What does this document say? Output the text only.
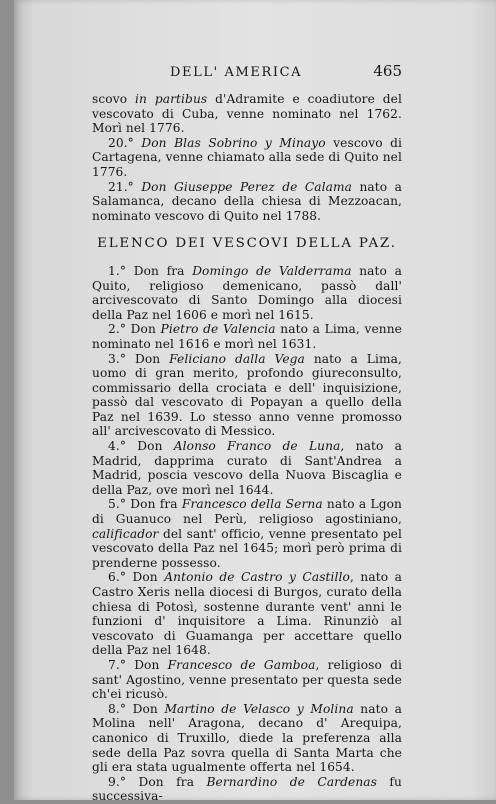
DELL' AMERICA	465

scovo in partibus d'Adramite e coadiutore del vescovato di Cuba, venne nominato nel 1762. Morì nel 1776.

20.° Don Blas Sobrino y Minayo vescovo di Cartagena, venne chiamato alla sede di Quito nel 1776.

21.° Don Giuseppe Perez de Calama nato a Salamanca, decano della chiesa di Mezzoacan, nominato vescovo di Quito nel 1788.

ELENCO DEI VESCOVI DELLA PAZ.

1.° Don fra Domingo de Valderrama nato a Quito, religioso demenicano, passò dall' arcivescovato di Santo Domingo alla diocesi della Paz nel 1606 e morì nel 1615.

2.° Don Pietro de Valencia nato a Lima, venne nominato nel 1616 e morì nel 1631.

3.° Don Feliciano dalla Vega nato a Lima, uomo di gran merito, profondo giureconsulto, commissario della crociata e dell' inquisizione, passò dal vescovato di Popayan a quello della Paz nel 1639. Lo stesso anno venne promosso all' arcivescovato di Messico.

4.° Don Alonso Franco de Luna, nato a Madrid, dapprima curato di Sant'Andrea a Madrid, poscia vescovo della Nuova Biscaglia e della Paz, ove morì nel 1644.

5.° Don fra Francesco della Serna nato a Lgon di Guanuco nel Perù, religioso agostiniano, calificador del sant' officio, venne presentato pel vescovato della Paz nel 1645; morì però prima di prenderne possesso.

6.° Don Antonio de Castro y Castillo, nato a Castro Xeris nella diocesi di Burgos, curato della chiesa di Potosì, sostenne durante vent' anni le funzioni d' inquisitore a Lima. Rinunziò al vescovato di Guamanga per accettare quello della Paz nel 1648.

7.° Don Francesco de Gamboa, religioso di sant' Agostino, venne presentato per questa sede ch'ei ricusò.

8.° Don Martino de Velasco y Molina nato a Molina nell' Aragona, decano d' Arequipa, canonico di Truxillo, diede la preferenza alla sede della Paz sovra quella di Santa Marta che gli era stata ugualmente offerta nel 1654.

9.° Don fra Bernardino de Cardenas fu successiva-
